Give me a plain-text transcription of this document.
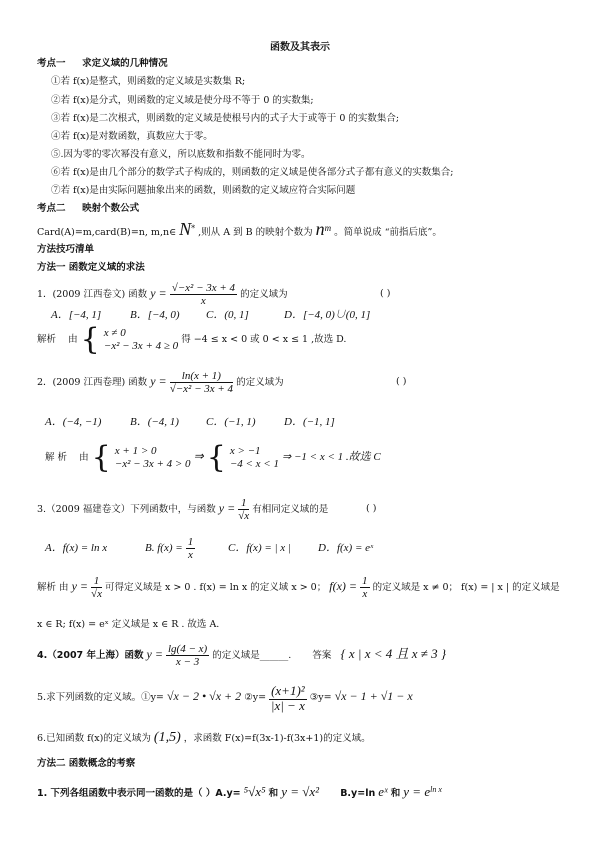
函数及其表示
考点一 求定义域的几种情况
①若 f(x)是整式，则函数的定义域是实数集 R;
②若 f(x)是分式，则函数的定义域是使分母不等于 0 的实数集;
③若 f(x)是二次根式，则函数的定义域是使根号内的式子大于或等于 0 的实数集合;
④若 f(x)是对数函数，真数应大于零。
⑤.因为零的零次幂没有意义，所以底数和指数不能同时为零。
⑥若 f(x)是由几个部分的数学式子构成的，则函数的定义域是使各部分式子都有意义的实数集合;
⑦若 f(x)是由实际问题抽象出来的函数，则函数的定义域应符合实际问题
考点二 映射个数公式
Card(A)=m,card(B)=n, m,n∈ N* ,则从 A 到 B 的映射个数为 $n^m$ 。简单说成 “前指后底”。
方法技巧清单
方法一 函数定义域的求法
1．(2009 江西卷文) 函数 $y = \frac{\text{√−x² − 3x + 4}}{x}$ 的定义域为	( )
A．[−4, 1]	B．[−4, 0) C．(0, 1]	D．[−4, 0)∪(0, 1]
解析 由 { x ≠ 0
−x² − 3x + 4 ≥ 0 得 −4 ≤ x < 0 或 0 < x ≤ 1 ,故选 D.
2．(2009 江西卷理) 函数 $y = \frac{\ln(x + 1)}{\text{√−x² − 3x + 4}}$ 的定义域为	( )
A．(−4, −1)	B．(−4, 1) C．(−1, 1)	D．(−1, 1]
解 析 由 { x + 1 > 0
−x² − 3x + 4 > 0
⇒ { x > −1
−4 < x < 1
⇒ −1 < x < 1 .故选 C
3.（2009 福建卷文）下列函数中，与函数 $y = \frac{1}{√x}$ 有相同定义域的是	( )
A．f(x) = ln x	B. $f(x) = \frac{1}{x}$	C．f(x) = | x | D．f(x) = eˣ
解析 由 $y = \frac{1}{√x}$ 可得定义域是 x > 0 . f(x) = ln x 的定义域 x > 0； $f(x) = \frac{1}{x}$ 的定义域是 x ≠ 0； f(x) = | x | 的定义域是
x ∈ R; f(x) = eˣ 定义域是 x ∈ R . 故选 A.
4.（2007 年上海）函数 $y = \frac{\lg(4 - x)}{x - 3}$ 的定义域是______. 答案 { x | x < 4 且 x ≠ 3 }
5.求下列函数的定义域。①y= √x − 2 • √x + 2 ②y= $\frac{\text{(x+1)²}}{|x| - x}$ ③y= √x − 1 + √1 − x
6.已知函数 f(x)的定义域为 (1,5) ，求函数 F(x)=f(3x-1)-f(3x+1)的定义域。
方法二 函数概念的考察
1. 下列各组函数中表示同一函数的是（ ）A.y= ⁵√x⁵ 和 y = √x² B.y=ln eˣ 和 $y = e^{ln x}$
